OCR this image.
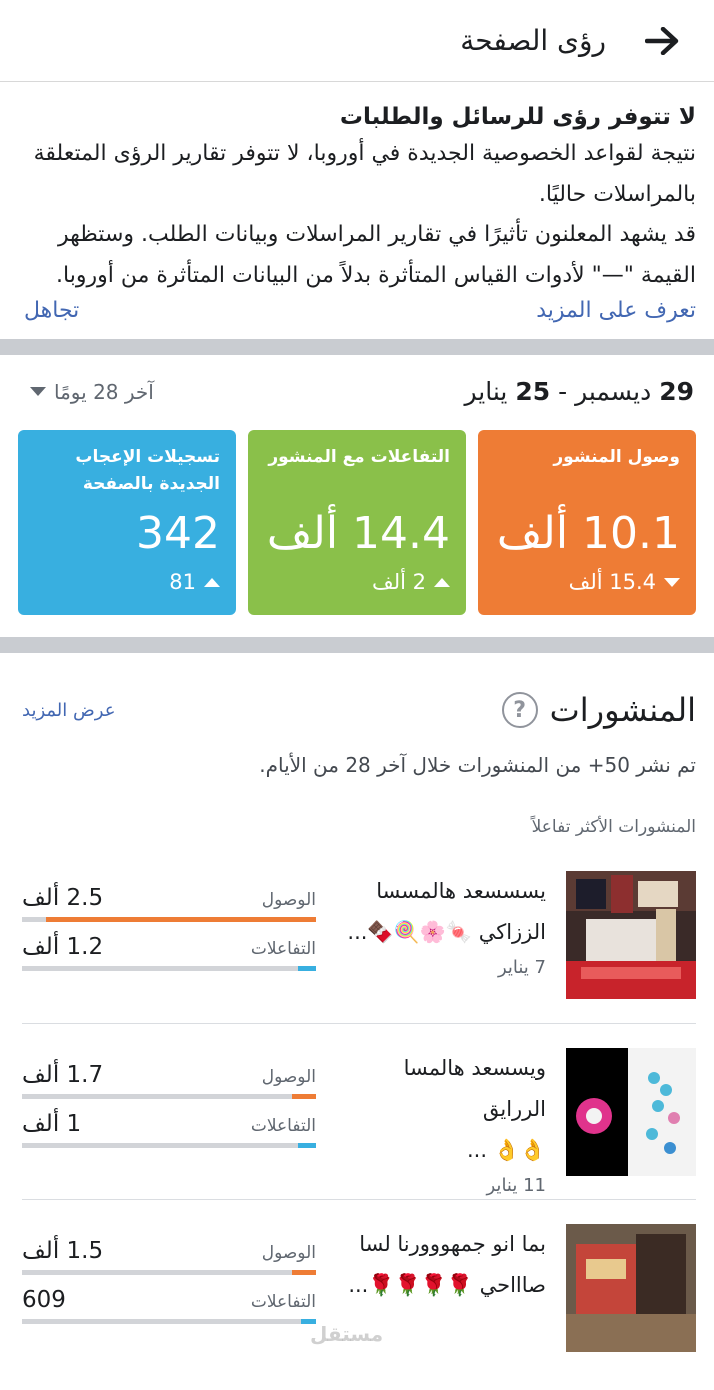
رؤى الصفحة
لا تتوفر رؤى للرسائل والطلبات
نتيجة لقواعد الخصوصية الجديدة في أوروبا، لا تتوفر تقارير الرؤى المتعلقة بالمراسلات حاليًا.
قد يشهد المعلنون تأثيرًا في تقارير المراسلات وبيانات الطلب. وستظهر القيمة "—" لأدوات القياس المتأثرة بدلاً من البيانات المتأثرة من أوروبا.
تعرف على المزيد
تجاهل
29 ديسمبر - 25 يناير
آخر 28 يومًا
وصول المنشور
10.1 ألف
15.4 ألف
التفاعلات مع المنشور
14.4 ألف
2 ألف
تسجيلات الإعجاب الجديدة بالصفحة
342
81
المنشورات
?
عرض المزيد
تم نشر 50+ من المنشورات خلال آخر 28 من الأيام.
المنشورات الأكثر تفاعلاً
يسسسعد هالمسسا
الززاكي 🍬🌸🍭🍫...
7 يناير
الوصول
2.5 ألف
التفاعلات
1.2 ألف
ويسسعد هالمسا الررايق
👌👌 ...
11 يناير
الوصول
1.7 ألف
التفاعلات
1 ألف
بما انو جمهووورنا لسا
صاااحي 🌹🌹🌹🌹...
الوصول
1.5 ألف
التفاعلات
609
مستقل
